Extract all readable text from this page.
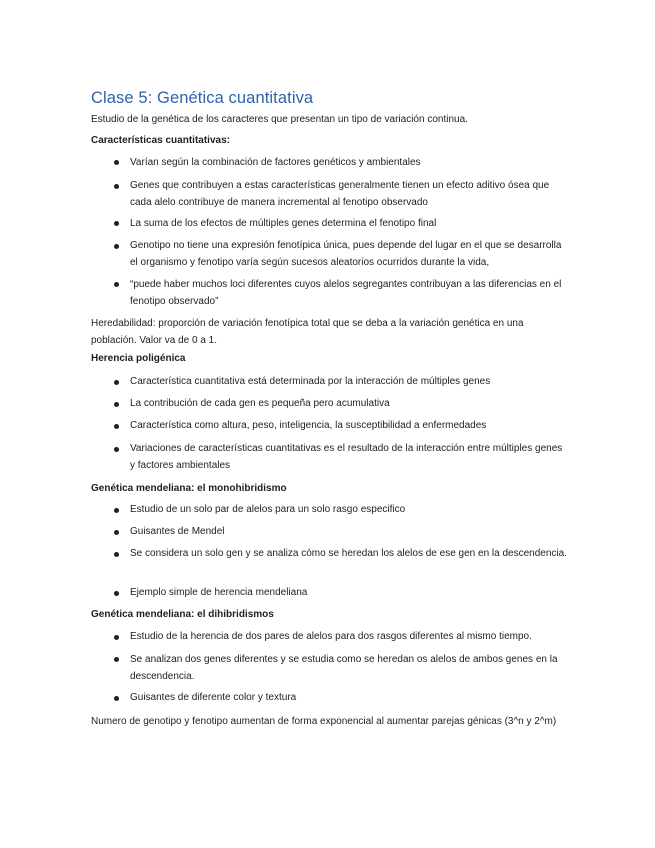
Clase 5: Genética cuantitativa

Estudio de la genética de los caracteres que presentan un tipo de variación continua.

Características cuantitativas:

Varían según la combinación de factores genéticos y ambientales

Genes que contribuyen a estas características generalmente tienen un efecto aditivo ósea que cada alelo contribuye de manera incremental al fenotipo observado

La suma de los efectos de múltiples genes determina el fenotipo final

Genotipo no tiene una expresión fenotípica única, pues depende del lugar en el que se desarrolla el organismo y fenotipo varía según sucesos aleatorios ocurridos durante la vida,

“puede haber muchos loci diferentes cuyos alelos segregantes contribuyan a las diferencias en el fenotipo observado”

Heredabilidad: proporción de variación fenotípica total que se deba a la variación genética en una población. Valor va de 0 a 1.

Herencia poligénica

Característica cuantitativa está determinada por la interacción de múltiples genes

La contribución de cada gen es pequeña pero acumulativa

Característica como altura, peso, inteligencia, la susceptibilidad a enfermedades

Variaciones de características cuantitativas es el resultado de la interacción entre múltiples genes y factores ambientales

Genética mendeliana: el monohibridismo

Estudio de un solo par de alelos para un solo rasgo especifico

Guisantes de Mendel

Se considera un solo gen y se analiza cómo se heredan los alelos de ese gen en la descendencia.

Ejemplo simple de herencia mendeliana

Genética mendeliana: el dihibridismos

Estudio de la herencia de dos pares de alelos para dos rasgos diferentes al mismo tiempo.

Se analizan dos genes diferentes y se estudia como se heredan os alelos de ambos genes en la descendencia.

Guisantes de diferente color y textura

Numero de genotipo y fenotipo aumentan de forma exponencial al aumentar parejas génicas (3^n y 2^m)
